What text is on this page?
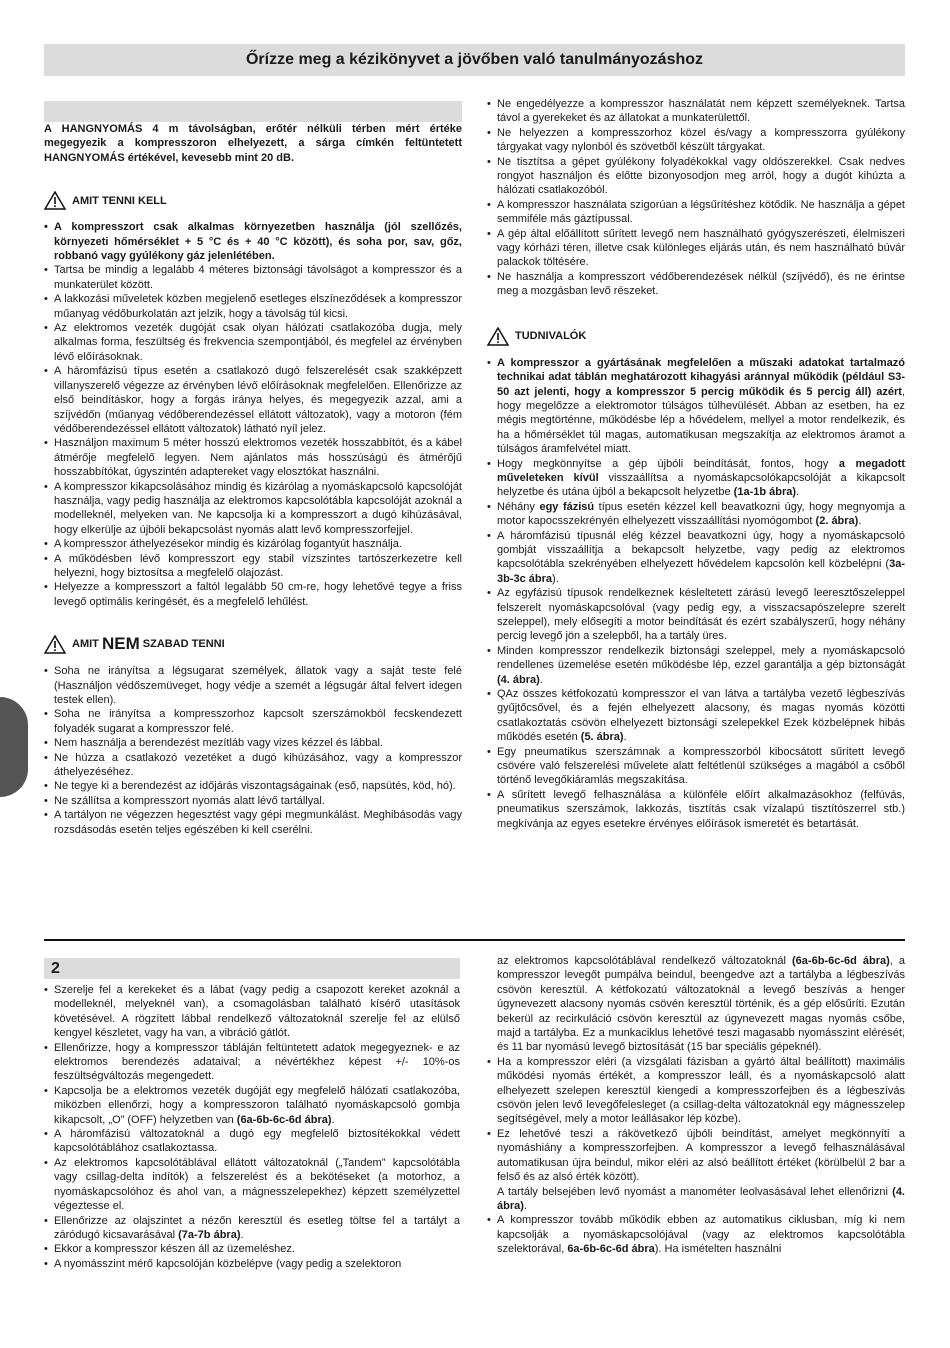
Őrízze meg a kézikönyvet a jövőben való tanulmányozáshoz

A HANGNYOMÁS 4 m távolságban, erőtér nélküli térben mért értéke megegyezik a kompresszoron elhelyezett, a sárga címkén feltüntetett HANGNYOMÁS értékével, kevesebb mint 20 dB.

AMIT TENNI KELL
• A kompresszort csak alkalmas környezetben használja (jól szellőzés, környezeti hőmérséklet + 5 °C és + 40 °C között), és soha por, sav, gőz, robbanó vagy gyúlékony gáz jelenlétében.
• Tartsa be mindig a legalább 4 méteres biztonsági távolságot a kompresszor és a munkaterület között.
• A lakkozási műveletek közben megjelenő esetleges elszíneződések a kompresszor műanyag védőburkolatán azt jelzik, hogy a távolság túl kicsi.
• Az elektromos vezeték dugóját csak olyan hálózati csatlakozóba dugja, mely alkalmas forma, feszültség és frekvencia szempontjából, és megfelel az érvényben lévő előírásoknak.
• A háromfázisú típus esetén a csatlakozó dugó felszerelését csak szakképzett villanyszerelő végezze az érvényben lévő előírásoknak megfelelően. Ellenőrizze az első beindításkor, hogy a forgás iránya helyes, és megegyezik azzal, ami a szíjvédőn (műanyag védőberendezéssel ellátott változatok), vagy a motoron (fém védőberendezéssel ellátott változatok) látható nyíl jelez.
• Használjon maximum 5 méter hosszú elektromos vezeték hosszabbítót, és a kábel átmérője megfelelő legyen. Nem ajánlatos más hosszúságú és átmérőjű hosszabbítókat, úgyszintén adaptereket vagy elosztókat használni.
• A kompresszor kikapcsolásához mindig és kizárólag a nyomáskapcsoló kapcsolóját használja, vagy pedig használja az elektromos kapcsolótábla kapcsolóját azoknál a modelleknél, melyeken van. Ne kapcsolja ki a kompresszort a dugó kihúzásával, hogy elkerülje az újbóli bekapcsolást nyomás alatt levő kompresszorfejjel.
• A kompresszor áthelyezésekor mindig és kizárólag fogantyút használja.
• A működésben lévő kompresszort egy stabil vízszintes tartószerkezetre kell helyezni, hogy biztosítsa a megfelelő olajozást.
• Helyezze a kompresszort a faltól legalább 50 cm-re, hogy lehetővé tegye a friss levegő optimális keringését, és a megfelelő lehűlést.
AMIT
NEM
SZABAD TENNI
• Soha ne irányítsa a légsugarat személyek, állatok vagy a saját teste felé (Használjon védőszemüveget, hogy védje a szemét a légsugár által felvert idegen testek ellen).
• Soha ne irányítsa a kompresszorhoz kapcsolt szerszámokból fecskendezett folyadék sugarat a kompresszor felé.
• Nem használja a berendezést mezítláb vagy vizes kézzel és lábbal.
• Ne húzza a csatlakozó vezetéket a dugó kihúzásához, vagy a kompresszor áthelyezéséhez.
• Ne tegye ki a berendezést az időjárás viszontagságainak (eső, napsütés, köd, hó).
• Ne szállítsa a kompresszort nyomás alatt lévő tartállyal.
• A tartályon ne végezzen hegesztést vagy gépi megmunkálást. Meghibásodás vagy rozsdásodás esetén teljes egészében ki kell cserélni.
• Ne engedélyezze a kompresszor használatát nem képzett személyeknek. Tartsa távol a gyerekeket és az állatokat a munkaterülettől.
• Ne helyezzen a kompresszorhoz közel és/vagy a kompresszorra gyúlékony tárgyakat vagy nylonból és szövetből készült tárgyakat.
• Ne tisztítsa a gépet gyúlékony folyadékokkal vagy oldószerekkel. Csak nedves rongyot használjon és előtte bizonyosodjon meg arról, hogy a dugót kihúzta a hálózati csatlakozóból.
• A kompresszor használata szigorúan a légsűrítéshez kötődik. Ne használja a gépet semmiféle más gáztípussal.
• A gép által előállított sűrített levegő nem használható gyógyszerészeti, élelmiszeri vagy kórházi téren, illetve csak különleges eljárás után, és nem használható búvár palackok töltésére.
• Ne használja a kompresszort védőberendezések nélkül (szíjvédő), és ne érintse meg a mozgásban levő részeket.
TUDNIVALÓK
• A kompresszor a gyártásának megfelelően a műszaki adatokat tartalmazó technikai adat táblán meghatározott kihagyási aránnyal működik (például S3-50 azt jelenti, hogy a kompresszor 5 percig működik és 5 percig áll) azért, hogy megelőzze a elektromotor túlságos túlhevülését. Abban az esetben, ha ez mégis megtörténne, működésbe lép a hővédelem, mellyel a motor rendelkezik, és ha a hőmérséklet túl magas, automatikusan megszakítja az elektromos áramot a túlságos áramfelvétel miatt.
• Hogy megkönnyítse a gép újbóli beindítását, fontos, hogy a megadott műveleteken kívül visszaállítsa a nyomáskapcsolókapcsolóját a kikapcsolt helyzetbe és utána újból a bekapcsolt helyzetbe (1a-1b ábra).
• Néhány egy fázisú típus esetén kézzel kell beavatkozni úgy, hogy megnyomja a motor kapocsszekrényén elhelyezett visszaállítási nyomógombot (2. ábra).
• A háromfázisú típusnál elég kézzel beavatkozni úgy, hogy a nyomáskapcsoló gombját visszaállítja a bekapcsolt helyzetbe, vagy pedig az elektromos kapcsolótábla szekrényében elhelyezett hővédelem kapcsolón kell közbelépni (3a-3b-3c ábra).
• Az egyfázisú típusok rendelkeznek késleltetett zárású levegő leeresztőszeleppel felszerelt nyomáskapcsolóval (vagy pedig egy, a visszacsapószelepre szerelt szeleppel), mely elősegíti a motor beindítását és ezért szabályszerű, hogy néhány percig levegő jön a szelepből, ha a tartály üres.
• Minden kompresszor rendelkezik biztonsági szeleppel, mely a nyomáskapcsoló rendellenes üzemelése esetén működésbe lép, ezzel garantálja a gép biztonságát (4. ábra).
• QAz összes kétfokozatú kompresszor el van látva a tartályba vezető légbeszívás gyűjtőcsővel, és a fején elhelyezett alacsony, és magas nyomás közötti csatlakoztatás csövön elhelyezett biztonsági szelepekkel Ezek közbelépnek hibás működés esetén (5. ábra).
• Egy pneumatikus szerszámnak a kompresszorból kibocsátott sűrített levegő csövére való felszerelési művelete alatt feltétlenül szükséges a magából a csőből történő levegőkiáramlás megszakítása.
• A sűrített levegő felhasználása a különféle előírt alkalmazásokhoz (felfúvás, pneumatikus szerszámok, lakkozás, tisztítás csak vízalapú tisztítószerrel stb.) megkívánja az egyes esetekre érvényes előírások ismeretét és betartását.
2
• Szerelje fel a kerekeket és a lábat (vagy pedig a csapozott kereket azoknál a modelleknél, melyeknél van), a csomagolásban található kísérő utasítások követésével. A rögzített lábbal rendelkező változatoknál szerelje fel az elülső kengyel készletet, vagy ha van, a vibráció gátlót.
• Ellenőrizze, hogy a kompresszor tábláján feltüntetett adatok megegyeznek- e az elektromos berendezés adataival; a névértékhez képest +/- 10%-os feszültségváltozás megengedett.
• Kapcsolja be a elektromos vezeték dugóját egy megfelelő hálózati csatlakozóba, miközben ellenőrzi, hogy a kompresszoron található nyomáskapcsoló gombja kikapcsolt, „O” (OFF) helyzetben van (6a-6b-6c-6d ábra).
• A háromfázisú változatoknál a dugó egy megfelelő biztosítékokkal védett kapcsolótáblához csatlakoztassa.
• Az elektromos kapcsolótáblával ellátott változatoknál („Tandem” kapcsolótábla vagy csillag-delta indítók) a felszerelést és a bekötéseket (a motorhoz, a nyomáskapcsolóhoz és ahol van, a mágnesszelepekhez) képzett személyzettel végeztesse el.
• Ellenőrizze az olajszintet a nézőn keresztül és esetleg töltse fel a tartályt a záródugó kicsavarásával (7a-7b ábra).
• Ekkor a kompresszor készen áll az üzemeléshez.
• A nyomásszint mérő kapcsolóján közbelépve (vagy pedig a szelektoron

az elektromos kapcsolótáblával rendelkező változatoknál (6a-6b-6c-6d ábra), a kompresszor levegőt pumpálva beindul, beengedve azt a tartályba a légbeszívás csövön keresztül. A kétfokozatú változatoknál a levegő beszívás a henger úgynevezett alacsony nyomás csövén keresztül történik, és a gép elősűríti. Ezután bekerül az recirkuláció csövön keresztül az úgynevezett magas nyomás csőbe, majd a tartályba. Ez a munkaciklus lehetővé teszi magasabb nyomásszint elérését, és 11 bar nyomású levegő biztosítását (15 bar speciális gépeknél).

• Ha a kompresszor eléri (a vizsgálati fázisban a gyártó által beállított) maximális működési nyomás értékét, a kompresszor leáll, és a nyomáskapcsoló alatt elhelyezett szelepen keresztül kiengedi a kompresszorfejben és a légbeszívás csövön jelen levő levegőfelesleget (a csillag-delta változatoknál egy mágnesszelep segítségével, mely a motor leállásakor lép közbe).
• Ez lehetővé teszi a rákövetkező újbóli beindítást, amelyet megkönnyíti a nyomáshiány a kompresszorfejben. A kompresszor a levegő felhasználásával automatikusan újra beindul, mikor eléri az alsó beállított értéket (körülbelül 2 bar a felső és az alsó érték között).
A tartály belsejében levő nyomást a manométer leolvasásával lehet ellenőrizni (4. ábra).
• A kompresszor tovább működik ebben az automatikus ciklusban, míg ki nem kapcsolják a nyomáskapcsolójával (vagy az elektromos kapcsolótábla szelektorával, 6a-6b-6c-6d ábra). Ha ismételten használni
